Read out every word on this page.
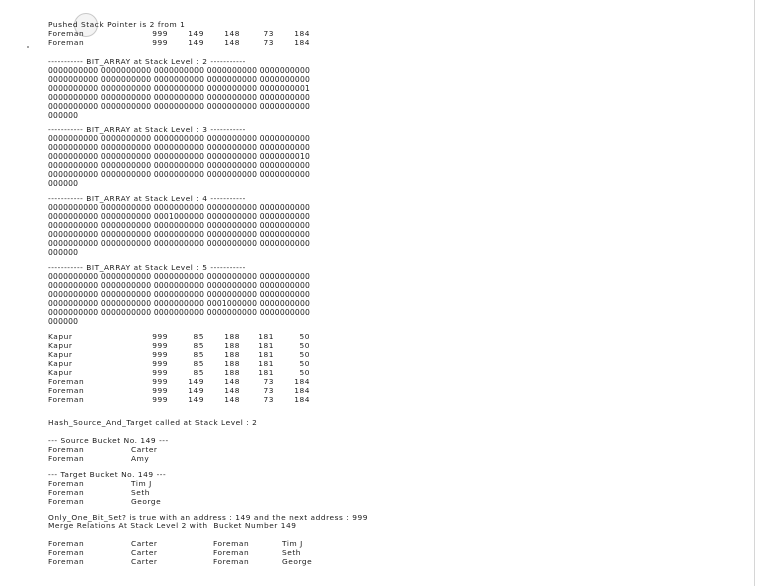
Pushed Stack Pointer is 2 from 1
Foreman	999	149	148	73	184
Foreman	999	149	148	73	184
----------- BIT_ARRAY at Stack Level : 2 -----------
0000000000 0000000000 0000000000 0000000000 0000000000
0000000000 0000000000 0000000000 0000000000 0000000000
0000000000 0000000000 0000000000 0000000000 0000000001
0000000000 0000000000 0000000000 0000000000 0000000000
0000000000 0000000000 0000000000 0000000000 0000000000
000000
----------- BIT_ARRAY at Stack Level : 3 -----------
0000000000 0000000000 0000000000 0000000000 0000000000
0000000000 0000000000 0000000000 0000000000 0000000000
0000000000 0000000000 0000000000 0000000000 0000000010
0000000000 0000000000 0000000000 0000000000 0000000000
0000000000 0000000000 0000000000 0000000000 0000000000
000000
----------- BIT_ARRAY at Stack Level : 4 -----------
0000000000 0000000000 0000000000 0000000000 0000000000
0000000000 0000000000 0001000000 0000000000 0000000000
0000000000 0000000000 0000000000 0000000000 0000000000
0000000000 0000000000 0000000000 0000000000 0000000000
0000000000 0000000000 0000000000 0000000000 0000000000
000000
----------- BIT_ARRAY at Stack Level : 5 -----------
0000000000 0000000000 0000000000 0000000000 0000000000
0000000000 0000000000 0000000000 0000000000 0000000000
0000000000 0000000000 0000000000 0000000000 0000000000
0000000000 0000000000 0000000000 0001000000 0000000000
0000000000 0000000000 0000000000 0000000000 0000000000
000000
Kapur	999	85	188 181	50
Kapur	999	85	188 181	50
Kapur	999	85	188 181	50
Kapur	999	85	188 181	50
Kapur	999	85	188 181	50
Foreman	999	149	148	73	184
Foreman	999	149	148	73	184
Foreman	999	149	148	73	184
Hash_Source_And_Target called at Stack Level : 2
--- Source Bucket No. 149 ---
Foreman	Carter
Foreman	Amy
--- Target Bucket No. 149 ---
Foreman	Tim J
Foreman	Seth
Foreman	George
Only_One_Bit_Set? is true with an address : 149 and the next address : 999
Merge Relations At Stack Level 2 with  Bucket Number 149
Foreman	Carter	Foreman	Tim J
Foreman	Carter	Foreman	Seth
Foreman	Carter	Foreman	George
